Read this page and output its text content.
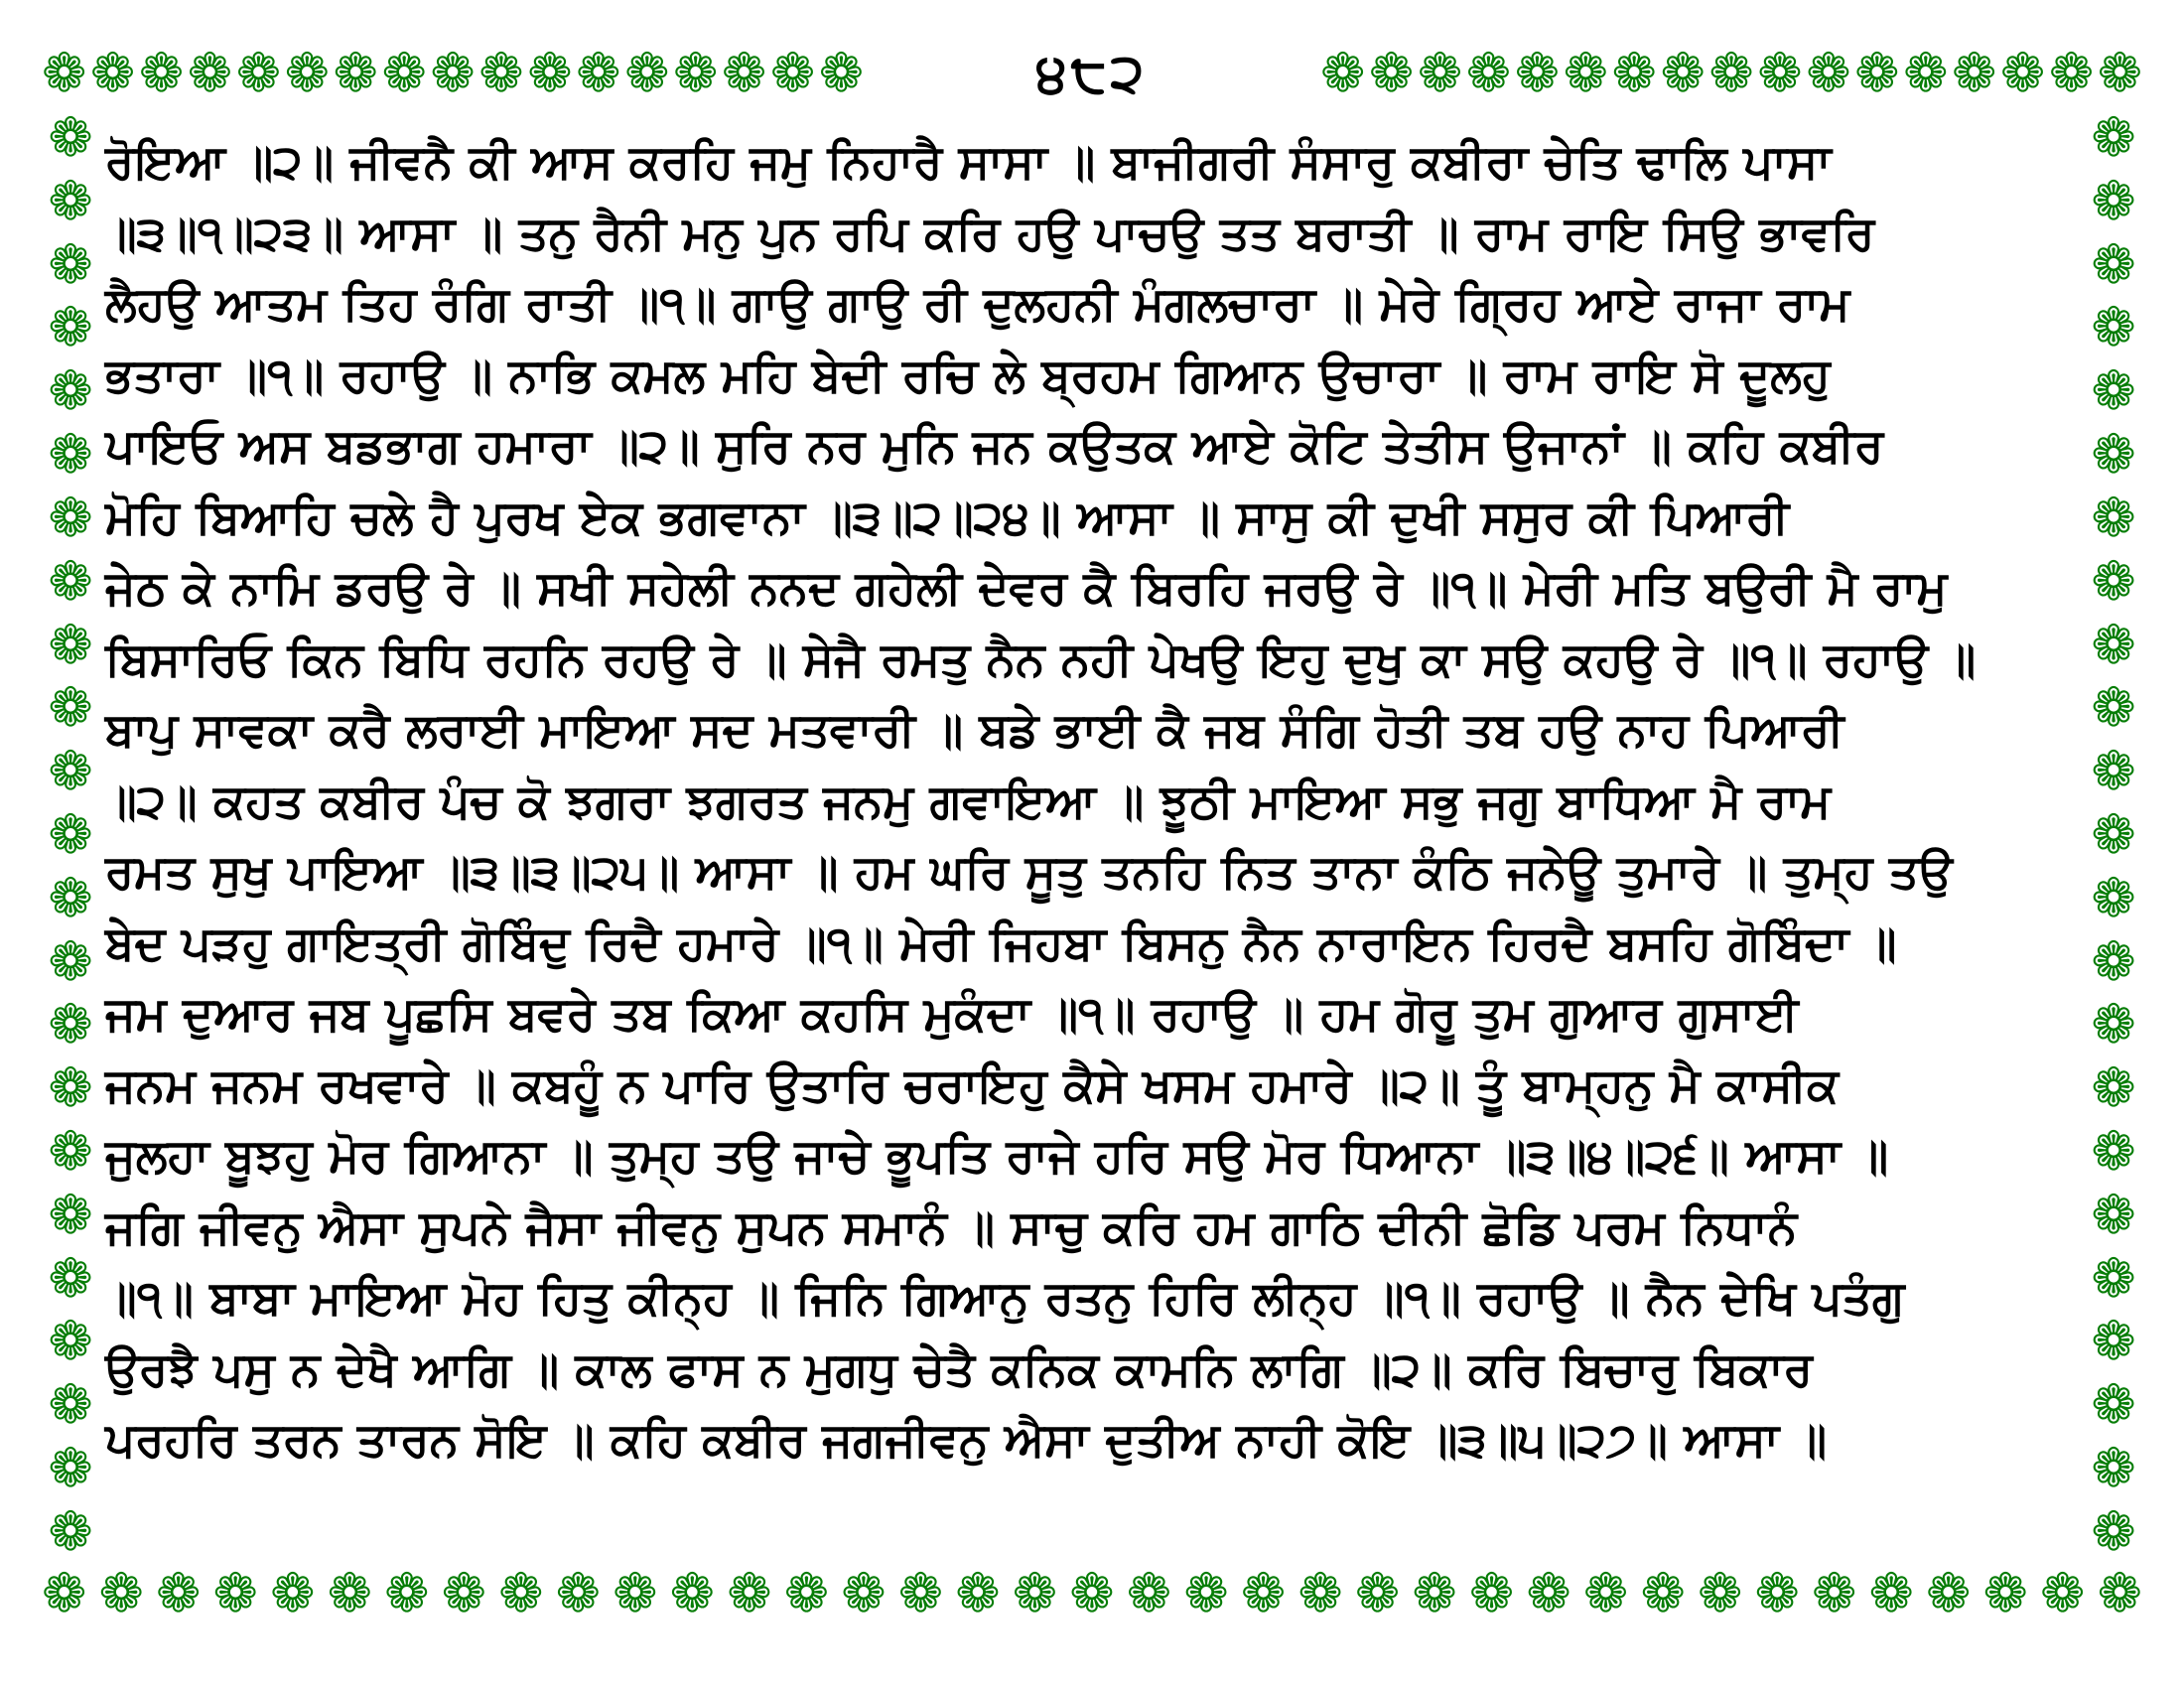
❁ ❁ ❁ ❁ ❁ ❁ ❁ ❁ ❁ ❁ ❁ ❁ ❁ ❁ ❁ ❁ ❁	੪੮੨	❁ ❁ ❁ ❁ ❁ ❁ ❁ ❁ ❁ ❁ ❁ ❁ ❁ ❁ ❁ ❁ ❁
❁
❁
❁
❁
❁
❁
❁
❁
❁
❁
❁
❁
❁
❁
❁
❁
❁
❁
❁
❁
❁
❁
❁
❁
❁
❁
❁
❁
❁
❁
❁
❁
❁
❁
❁
❁
❁
❁
❁
❁
❁
❁
❁
❁
❁
❁
❁ ❁ ❁ ❁ ❁ ❁ ❁ ❁ ❁ ❁ ❁ ❁ ❁ ❁ ❁ ❁ ❁ ❁ ❁ ❁ ❁ ❁ ❁ ❁ ❁ ❁ ❁ ❁ ❁ ❁ ❁ ❁ ❁ ❁ ❁ ❁ ❁
ਰੋਇਆ ॥੨॥ ਜੀਵਨੈ ਕੀ ਆਸ ਕਰਹਿ ਜਮੁ ਨਿਹਾਰੈ ਸਾਸਾ ॥ ਬਾਜੀਗਰੀ ਸੰਸਾਰੁ ਕਬੀਰਾ ਚੇਤਿ ਢਾਲਿ ਪਾਸਾ
॥੩॥੧॥੨੩॥ ਆਸਾ ॥ ਤਨੁ ਰੈਨੀ ਮਨੁ ਪੁਨ ਰਪਿ ਕਰਿ ਹਉ ਪਾਚਉ ਤਤ ਬਰਾਤੀ ॥ ਰਾਮ ਰਾਇ ਸਿਉ ਭਾਵਰਿ
ਲੈਹਉ ਆਤਮ ਤਿਹ ਰੰਗਿ ਰਾਤੀ ॥੧॥ ਗਾਉ ਗਾਉ ਰੀ ਦੁਲਹਨੀ ਮੰਗਲਚਾਰਾ ॥ ਮੇਰੇ ਗ੍ਰਿਹ ਆਏ ਰਾਜਾ ਰਾਮ
ਭਤਾਰਾ ॥੧॥ ਰਹਾਉ ॥ ਨਾਭਿ ਕਮਲ ਮਹਿ ਬੇਦੀ ਰਚਿ ਲੇ ਬ੍ਰਹਮ ਗਿਆਨ ਉਚਾਰਾ ॥ ਰਾਮ ਰਾਇ ਸੋ ਦੂਲਹੁ
ਪਾਇਓ ਅਸ ਬਡਭਾਗ ਹਮਾਰਾ ॥੨॥ ਸੁਰਿ ਨਰ ਮੁਨਿ ਜਨ ਕਉਤਕ ਆਏ ਕੋਟਿ ਤੇਤੀਸ ਉਜਾਨਾਂ ॥ ਕਹਿ ਕਬੀਰ
ਮੋਹਿ ਬਿਆਹਿ ਚਲੇ ਹੈ ਪੁਰਖ ਏਕ ਭਗਵਾਨਾ ॥੩॥੨॥੨੪॥ ਆਸਾ ॥ ਸਾਸੁ ਕੀ ਦੁਖੀ ਸਸੁਰ ਕੀ ਪਿਆਰੀ
ਜੇਠ ਕੇ ਨਾਮਿ ਡਰਉ ਰੇ ॥ ਸਖੀ ਸਹੇਲੀ ਨਨਦ ਗਹੇਲੀ ਦੇਵਰ ਕੈ ਬਿਰਹਿ ਜਰਉ ਰੇ ॥੧॥ ਮੇਰੀ ਮਤਿ ਬਉਰੀ ਮੈ ਰਾਮੁ
ਬਿਸਾਰਿਓ ਕਿਨ ਬਿਧਿ ਰਹਨਿ ਰਹਉ ਰੇ ॥ ਸੇਜੈ ਰਮਤੁ ਨੈਨ ਨਹੀ ਪੇਖਉ ਇਹੁ ਦੁਖੁ ਕਾ ਸਉ ਕਹਉ ਰੇ ॥੧॥ ਰਹਾਉ ॥
ਬਾਪੁ ਸਾਵਕਾ ਕਰੈ ਲਰਾਈ ਮਾਇਆ ਸਦ ਮਤਵਾਰੀ ॥ ਬਡੇ ਭਾਈ ਕੈ ਜਬ ਸੰਗਿ ਹੋਤੀ ਤਬ ਹਉ ਨਾਹ ਪਿਆਰੀ
॥੨॥ ਕਹਤ ਕਬੀਰ ਪੰਚ ਕੋ ਝਗਰਾ ਝਗਰਤ ਜਨਮੁ ਗਵਾਇਆ ॥ ਝੂਠੀ ਮਾਇਆ ਸਭੁ ਜਗੁ ਬਾਧਿਆ ਮੈ ਰਾਮ
ਰਮਤ ਸੁਖੁ ਪਾਇਆ ॥੩॥੩॥੨੫॥ ਆਸਾ ॥ ਹਮ ਘਰਿ ਸੂਤੁ ਤਨਹਿ ਨਿਤ ਤਾਨਾ ਕੰਠਿ ਜਨੇਊ ਤੁਮਾਰੇ ॥ ਤੁਮ੍ਹ ਤਉ
ਬੇਦ ਪੜਹੁ ਗਾਇਤ੍ਰੀ ਗੋਬਿੰਦੁ ਰਿਦੈ ਹਮਾਰੇ ॥੧॥ ਮੇਰੀ ਜਿਹਬਾ ਬਿਸਨੁ ਨੈਨ ਨਾਰਾਇਨ ਹਿਰਦੈ ਬਸਹਿ ਗੋਬਿੰਦਾ ॥
ਜਮ ਦੁਆਰ ਜਬ ਪੂਛਸਿ ਬਵਰੇ ਤਬ ਕਿਆ ਕਹਸਿ ਮੁਕੰਦਾ ॥੧॥ ਰਹਾਉ ॥ ਹਮ ਗੋਰੂ ਤੁਮ ਗੁਆਰ ਗੁਸਾਈ
ਜਨਮ ਜਨਮ ਰਖਵਾਰੇ ॥ ਕਬਹੂੰ ਨ ਪਾਰਿ ਉਤਾਰਿ ਚਰਾਇਹੁ ਕੈਸੇ ਖਸਮ ਹਮਾਰੇ ॥੨॥ ਤੂੰ ਬਾਮ੍ਹਨੁ ਮੈ ਕਾਸੀਕ
ਜੁਲਹਾ ਬੂਝਹੁ ਮੋਰ ਗਿਆਨਾ ॥ ਤੁਮ੍ਹ ਤਉ ਜਾਚੇ ਭੂਪਤਿ ਰਾਜੇ ਹਰਿ ਸਉ ਮੋਰ ਧਿਆਨਾ ॥੩॥੪॥੨੬॥ ਆਸਾ ॥
ਜਗਿ ਜੀਵਨੁ ਐਸਾ ਸੁਪਨੇ ਜੈਸਾ ਜੀਵਨੁ ਸੁਪਨ ਸਮਾਨੰ ॥ ਸਾਚੁ ਕਰਿ ਹਮ ਗਾਠਿ ਦੀਨੀ ਛੋਡਿ ਪਰਮ ਨਿਧਾਨੰ
॥੧॥ ਬਾਬਾ ਮਾਇਆ ਮੋਹ ਹਿਤੁ ਕੀਨ੍ਹ ॥ ਜਿਨਿ ਗਿਆਨੁ ਰਤਨੁ ਹਿਰਿ ਲੀਨ੍ਹ ॥੧॥ ਰਹਾਉ ॥ ਨੈਨ ਦੇਖਿ ਪਤੰਗੁ
ਉਰਝੈ ਪਸੁ ਨ ਦੇਖੈ ਆਗਿ ॥ ਕਾਲ ਫਾਸ ਨ ਮੁਗਧੁ ਚੇਤੈ ਕਨਿਕ ਕਾਮਨਿ ਲਾਗਿ ॥੨॥ ਕਰਿ ਬਿਚਾਰੁ ਬਿਕਾਰ
ਪਰਹਰਿ ਤਰਨ ਤਾਰਨ ਸੋਇ ॥ ਕਹਿ ਕਬੀਰ ਜਗਜੀਵਨੁ ਐਸਾ ਦੁਤੀਅ ਨਾਹੀ ਕੋਇ ॥੩॥੫॥੨੭॥ ਆਸਾ ॥
